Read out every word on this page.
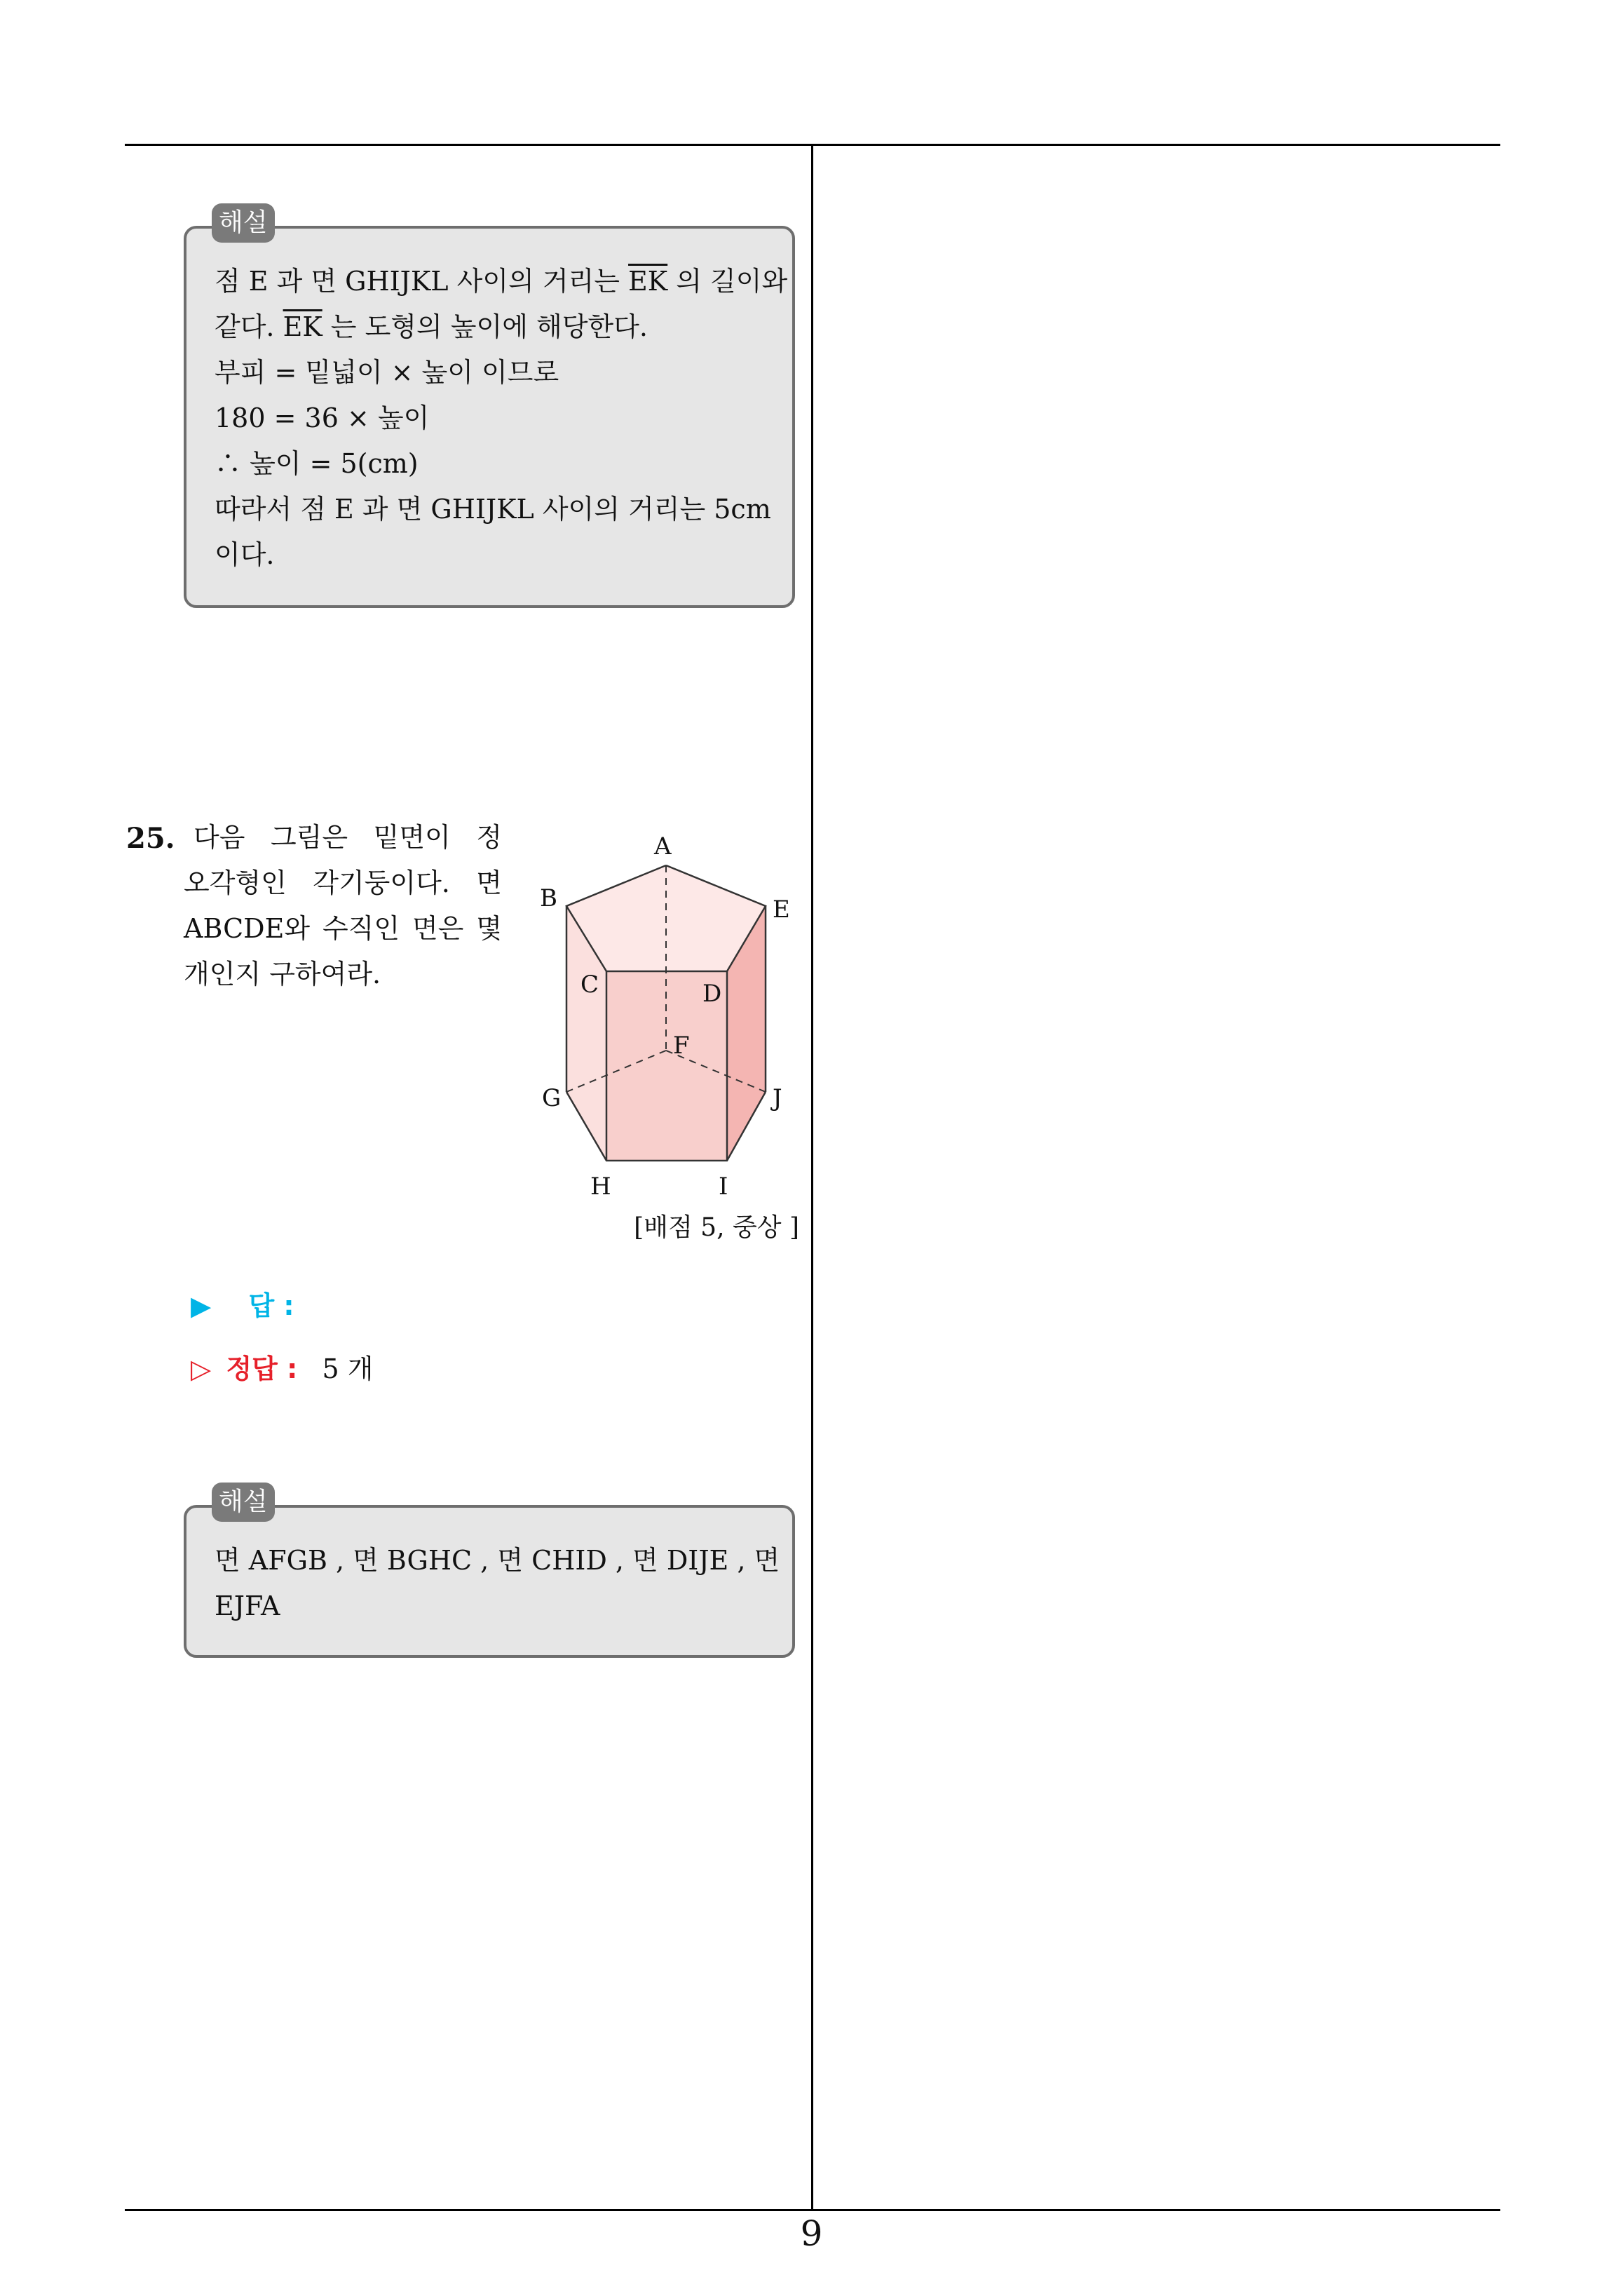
점 E 과 면 GHIJKL 사이의 거리는 $\overline{EK}$ 의 길이와
같다. $\overline{EK}$ 는 도형의 높이에 해당한다.
부피 = 밑넓이 × 높이 이므로
180 = 36 × 높이
∴ 높이 = 5(cm)
따라서 점 E 과 면 GHIJKL 사이의 거리는 5cm
이다.
해설
25. 다음 그림은 밑면이 정
오각형인 각기둥이다. 면
ABCDE와 수직인 면은 몇
개인지 구하여라.
A
B	E
C	D
F
G	J
H	I
[배점 5, 중상 ]
▶ 답 :
▷ 정답 : 5 개
면 AFGB , 면 BGHC , 면 CHID , 면 DIJE , 면
EJFA
해설
9
